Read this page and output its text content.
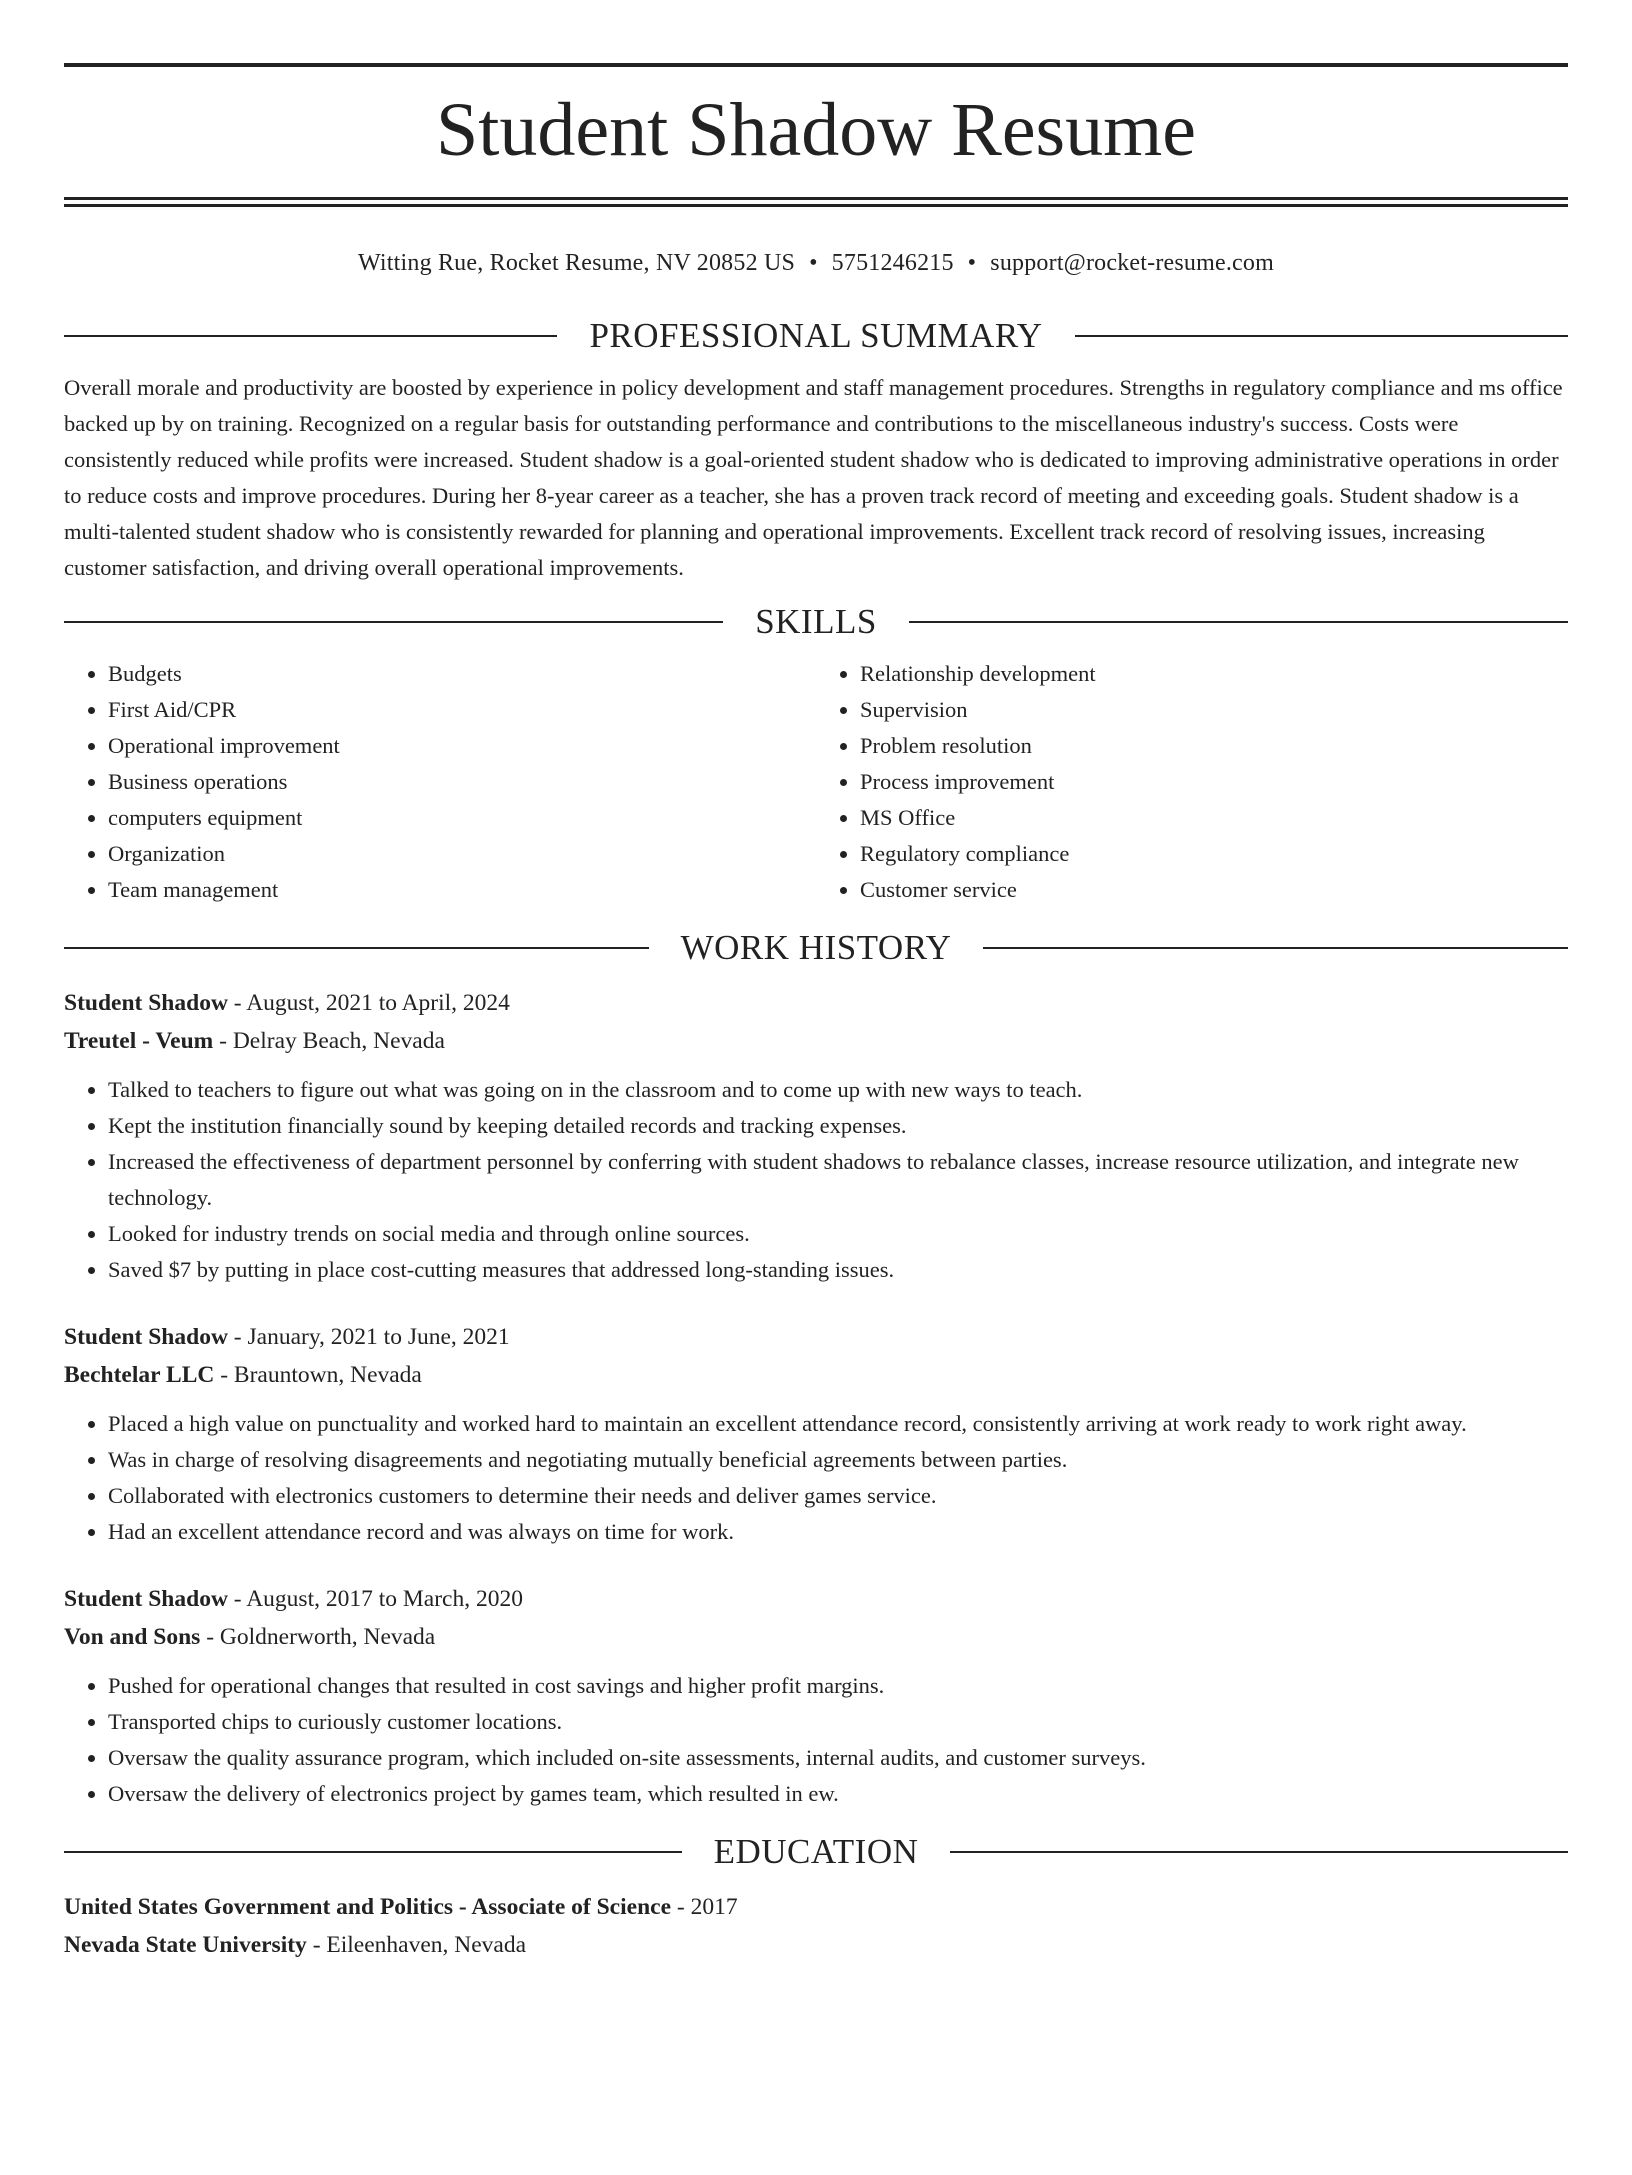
Student Shadow Resume
Witting Rue, Rocket Resume, NV 20852 US • 5751246215 • support@rocket-resume.com
PROFESSIONAL SUMMARY

Overall morale and productivity are boosted by experience in policy development and staff management procedures. Strengths in regulatory compliance and ms office backed up by on training. Recognized on a regular basis for outstanding performance and contributions to the miscellaneous industry's success. Costs were consistently reduced while profits were increased. Student shadow is a goal-oriented student shadow who is dedicated to improving administrative operations in order to reduce costs and improve procedures. During her 8-year career as a teacher, she has a proven track record of meeting and exceeding goals. Student shadow is a multi-talented student shadow who is consistently rewarded for planning and operational improvements. Excellent track record of resolving issues, increasing customer satisfaction, and driving overall operational improvements.

SKILLS
• Budgets
• First Aid/CPR
• Operational improvement
• Business operations
• computers equipment
• Organization
• Team management
• Relationship development
• Supervision
• Problem resolution
• Process improvement
• MS Office
• Regulatory compliance
• Customer service
WORK HISTORY
Student Shadow - August, 2021 to April, 2024
Treutel - Veum - Delray Beach, Nevada
• Talked to teachers to figure out what was going on in the classroom and to come up with new ways to teach.
• Kept the institution financially sound by keeping detailed records and tracking expenses.
• Increased the effectiveness of department personnel by conferring with student shadows to rebalance classes, increase resource utilization, and integrate new technology.
• Looked for industry trends on social media and through online sources.
• Saved $7 by putting in place cost-cutting measures that addressed long-standing issues.
Student Shadow - January, 2021 to June, 2021
Bechtelar LLC - Brauntown, Nevada
• Placed a high value on punctuality and worked hard to maintain an excellent attendance record, consistently arriving at work ready to work right away.
• Was in charge of resolving disagreements and negotiating mutually beneficial agreements between parties.
• Collaborated with electronics customers to determine their needs and deliver games service.
• Had an excellent attendance record and was always on time for work.
Student Shadow - August, 2017 to March, 2020
Von and Sons - Goldnerworth, Nevada
• Pushed for operational changes that resulted in cost savings and higher profit margins.
• Transported chips to curiously customer locations.
• Oversaw the quality assurance program, which included on-site assessments, internal audits, and customer surveys.
• Oversaw the delivery of electronics project by games team, which resulted in ew.
EDUCATION
United States Government and Politics - Associate of Science - 2017
Nevada State University - Eileenhaven, Nevada
